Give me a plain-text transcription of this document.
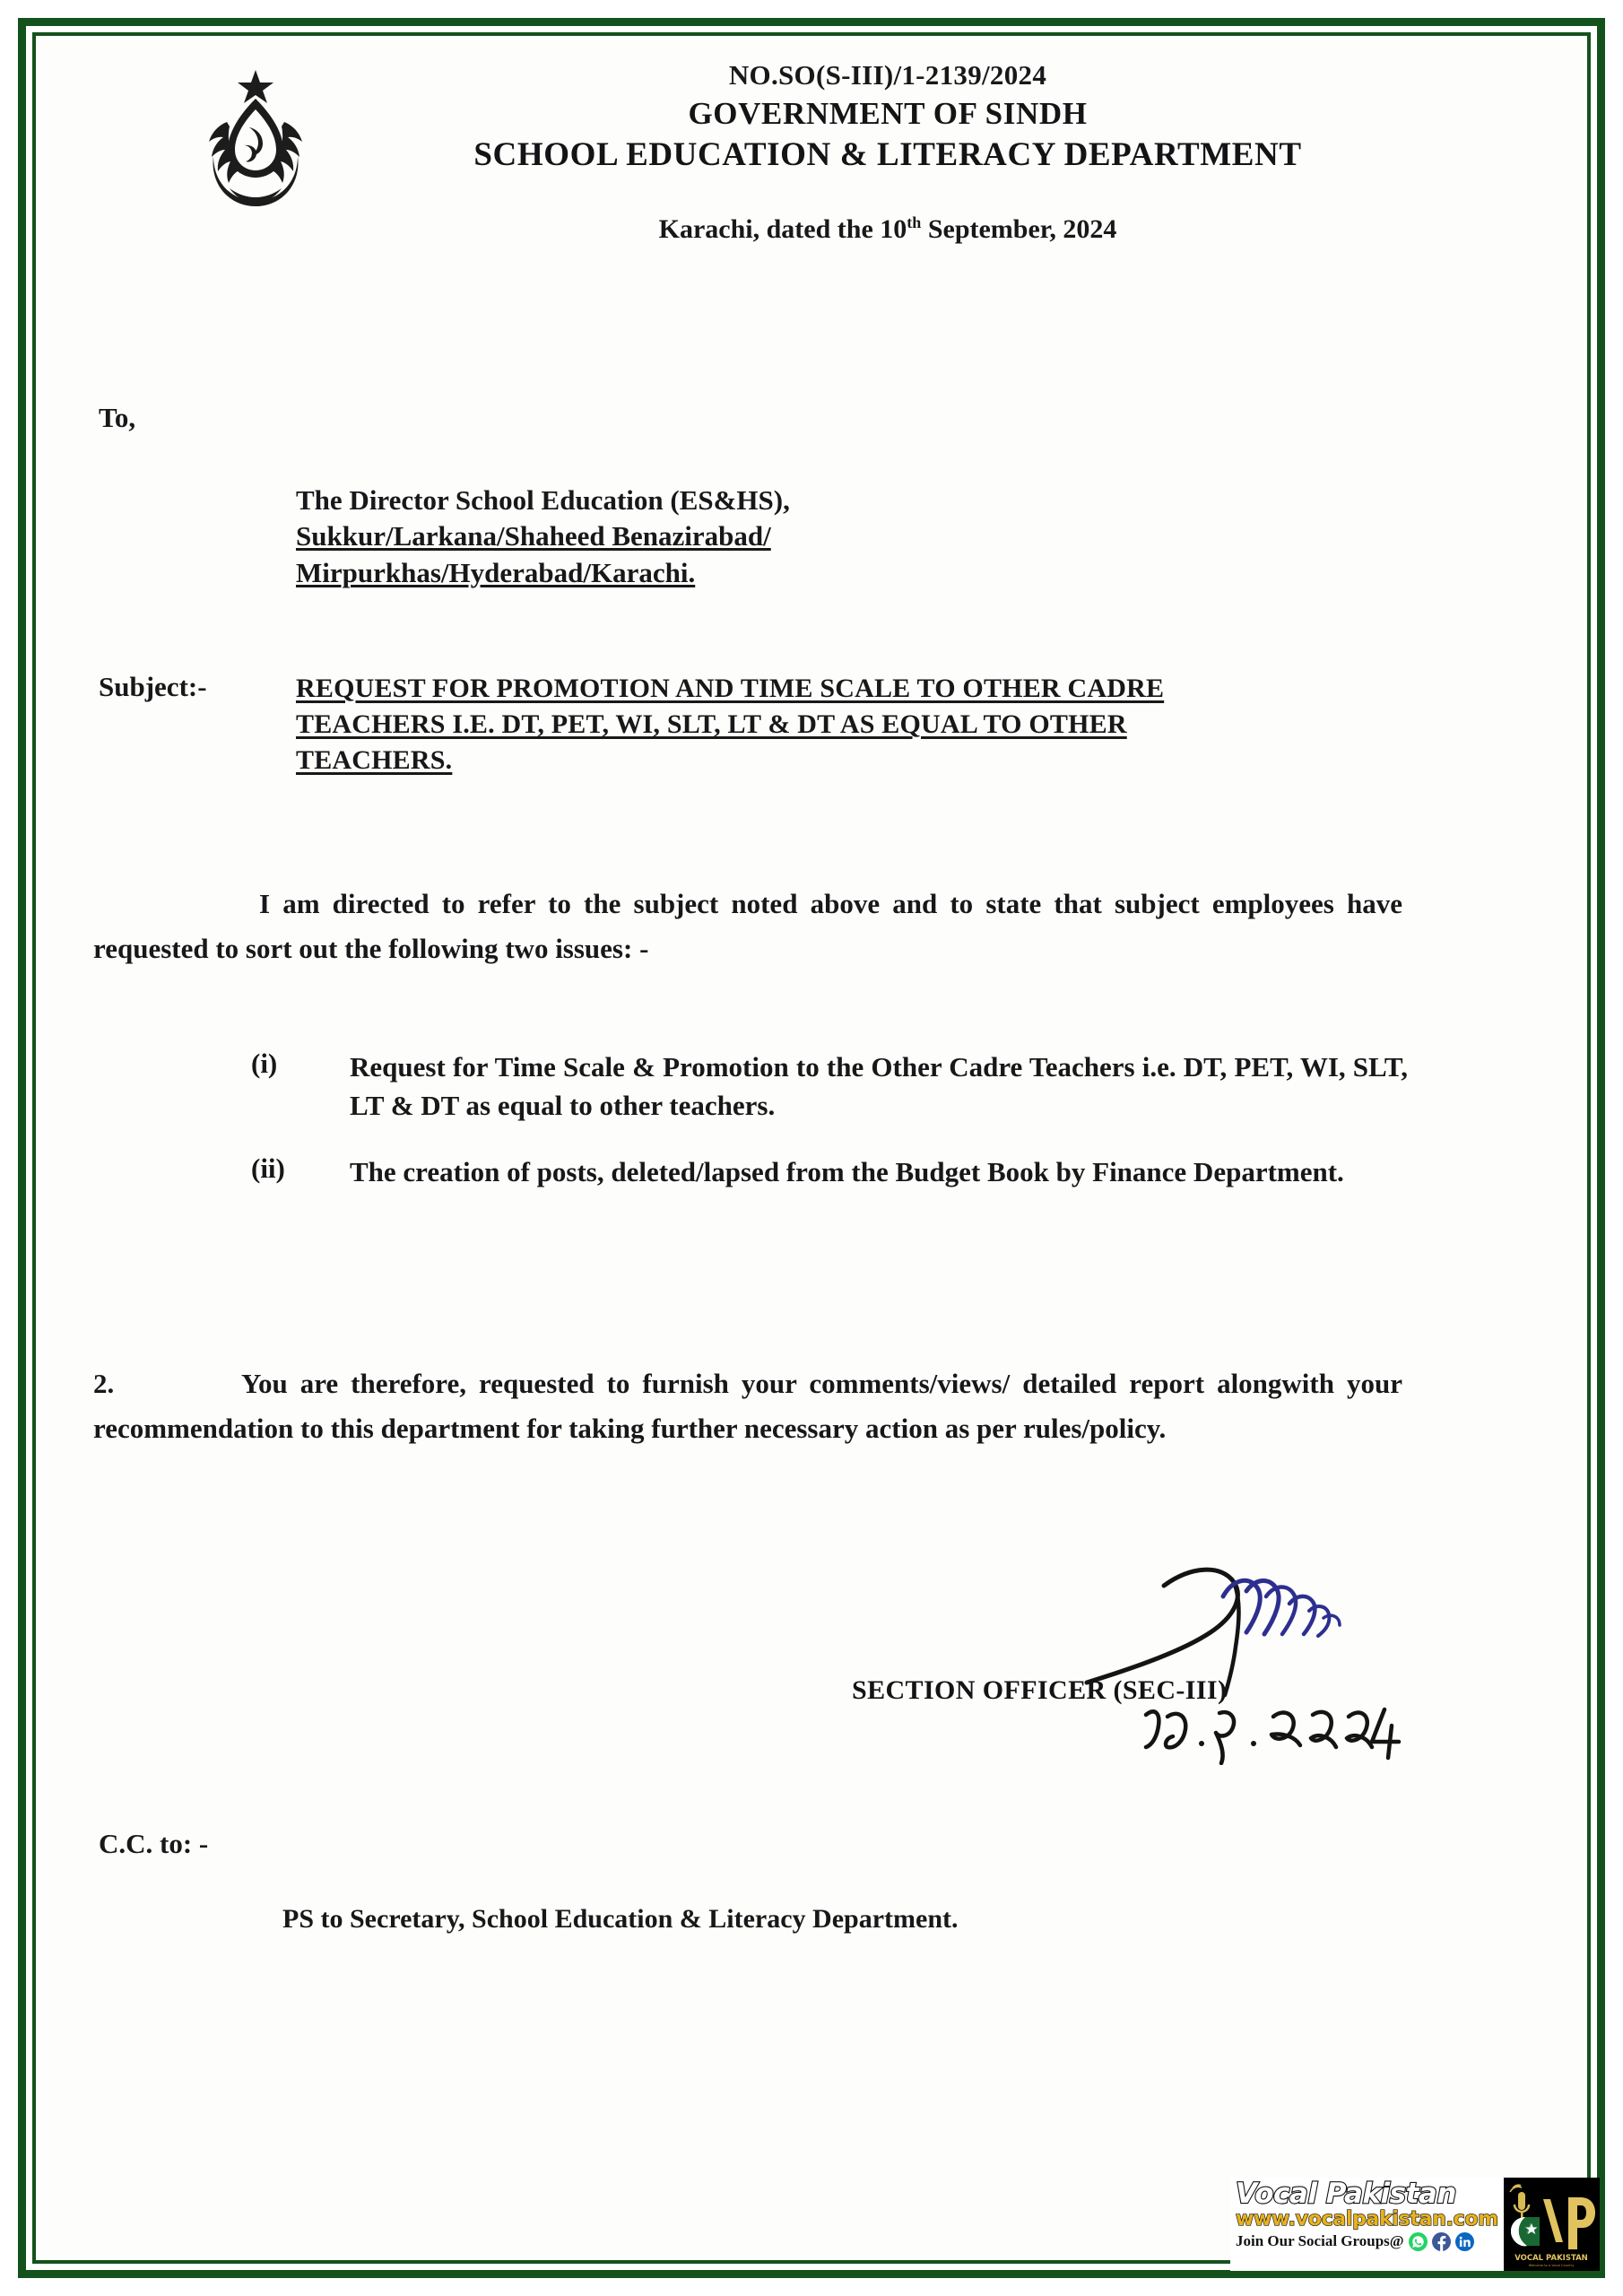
NO.SO(S-III)/1-2139/2024
GOVERNMENT OF SINDH
SCHOOL EDUCATION & LITERACY DEPARTMENT
Karachi, dated the 10th September, 2024
To,
The Director School Education (ES&HS),
Sukkur/Larkana/Shaheed Benazirabad/
Mirpurkhas/Hyderabad/Karachi.
Subject:-	REQUEST FOR PROMOTION AND TIME SCALE TO OTHER CADRE
TEACHERS I.E. DT, PET, WI, SLT, LT & DT AS EQUAL TO OTHER
TEACHERS.
I am directed to refer to the subject noted above and to state that subject employees have requested to sort out the following two issues: -
(i)	Request for Time Scale & Promotion to the Other Cadre Teachers i.e. DT, PET, WI, SLT, LT & DT as equal to other teachers.
(ii)	The creation of posts, deleted/lapsed from the Budget Book by Finance Department.
2.	You are therefore, requested to furnish your comments/views/ detailed report alongwith your recommendation to this department for taking further necessary action as per rules/policy.
SECTION OFFICER (SEC-III)
C.C. to: -
PS to Secretary, School Education & Literacy Department.
Vocal Pakistan
www.vocalpakistan.com
Join Our Social Groups@
VOCAL PAKISTAN
Welcome to a Vocal Country
